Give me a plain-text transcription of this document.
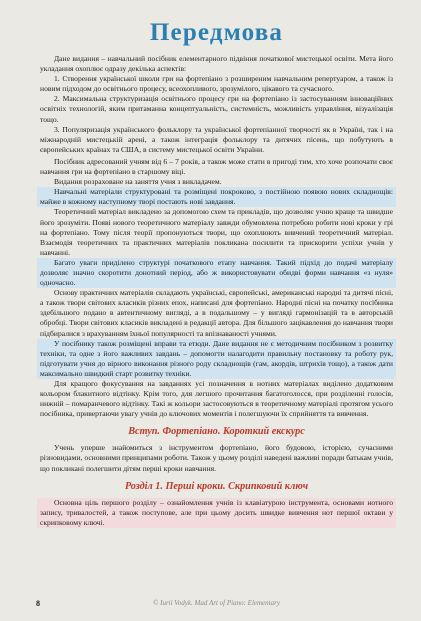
Передмова

Дане видання – навчальний посібник елементарного підвіння початкової мистецької освіти. Мета його укладання охоплює одразу декілька аспектів:

1. Створення української школи гри на фортепіано з розширеним навчальним репертуаром, а також із новим підходом до освітнього процесу, всеохопливого, зрозумілого, цікавого та сучасного.

2. Максимальна структуризація освітнього процесу гри на фортепіано із застосуванням інноваційних освітніх технологій, яким притаманна концептуальність, системність, можливість управління, візуалізація тощо.

3. Популяризація українського фольклору та української фортепіанної творчості як в Україні, так і на міжнародній мистецькій арені, а також інтеграція фольклору та дитячих пісень, що побутують в європейських країнах та США, в систему мистецької освіти України.

Посібник адресований учням від 6 – 7 років, а також може стати в пригоді тим, хто хоче розпочати своє навчання гри на фортепіано в старшому віці.

Видання розраховане на заняття учня з викладачем.

Навчальні матеріали структуровані та розміщені покроково, з постійною появою нових складнощів: майже в кожному наступному творі постають нові завдання.

Теоретичний матеріал викладено за допомогою схем та прикладів, що дозволяє учню краще та швидше його зрозуміти. Появі нового теоретичного матеріалу завжди обумовлена потребою робити нові кроки у грі на фортепіано. Тому після теорії пропонуються твори, що охоплюють вивчений теоретичний матеріал. Взаємодія теоретичних та практичних матеріалів покликана посилити та прискорити успіхи учнів у навчанні.

Багато уваги приділено структурі початкового етапу навчання. Такий підхід до подачі матеріалу дозволяє значно скоротити донотний період, або ж використовувати обидві форми навчання «з нуля» одночасно.

Основу практичних матеріалів складають українські, європейські, американські народні та дитячі пісні, а також твори світових класиків різних епох, написані для фортепіано. Народні пісні на початку посібника здебільшого подано в автентичному вигляді, а в подальшому – у вигляді гармонізацій та в авторській обробці. Твори світових класиків викладені в редакції автора. Для більшого зацікавлення до навчання твори підбиралися з врахуванням їхньої популярності та впізнаваності учнями.

У посібнику також розміщені вправи та етюди. Дане видання не є методичним посібником з розвитку техніки, та одне з його важливих завдань – допомогти налагодити правильну постановку та роботу рук, підготувати учня до вірного виконання різного роду складнощів (гам, акордів, штрихів тощо), а також дати максимально швидкий старт розвитку техніки.

Для кращого фокусування на завданнях усі позначення в нотних матеріалах виділено додатковим кольором блакитного відтінку. Крім того, для легшого прочитання багатоголосся, при розділенні голосів, нижній – помаранчевого відтінку. Такі ж кольори застосовуються в теоретичному матеріалі протягом усього посібника, привертаючи увагу учнів до ключових моментів і полегшуючи їх сприйняття та вивчення.

Вступ. Фортепіано. Короткий екскурс

Учень уперше знайомиться з інструментом фортепіано, його будовою, історією, сучасними різновидами, основними принципами роботи. Також у цьому розділі наведені важливі поради батькам учнів, що покликані полегшити дітям перші кроки навчання.

Розділ 1. Перші кроки. Скрипковий ключ

Основна ціль першого розділу – ознайомлення учнів із клавіатурою інструмента, основами нотного запису, тривалостей, а також поступове, але при цьому досить швидке вивчення нот першої октави у скрипковому ключі.

8	© Iurii Vodyk. Mad Art of Piano: Elementary
